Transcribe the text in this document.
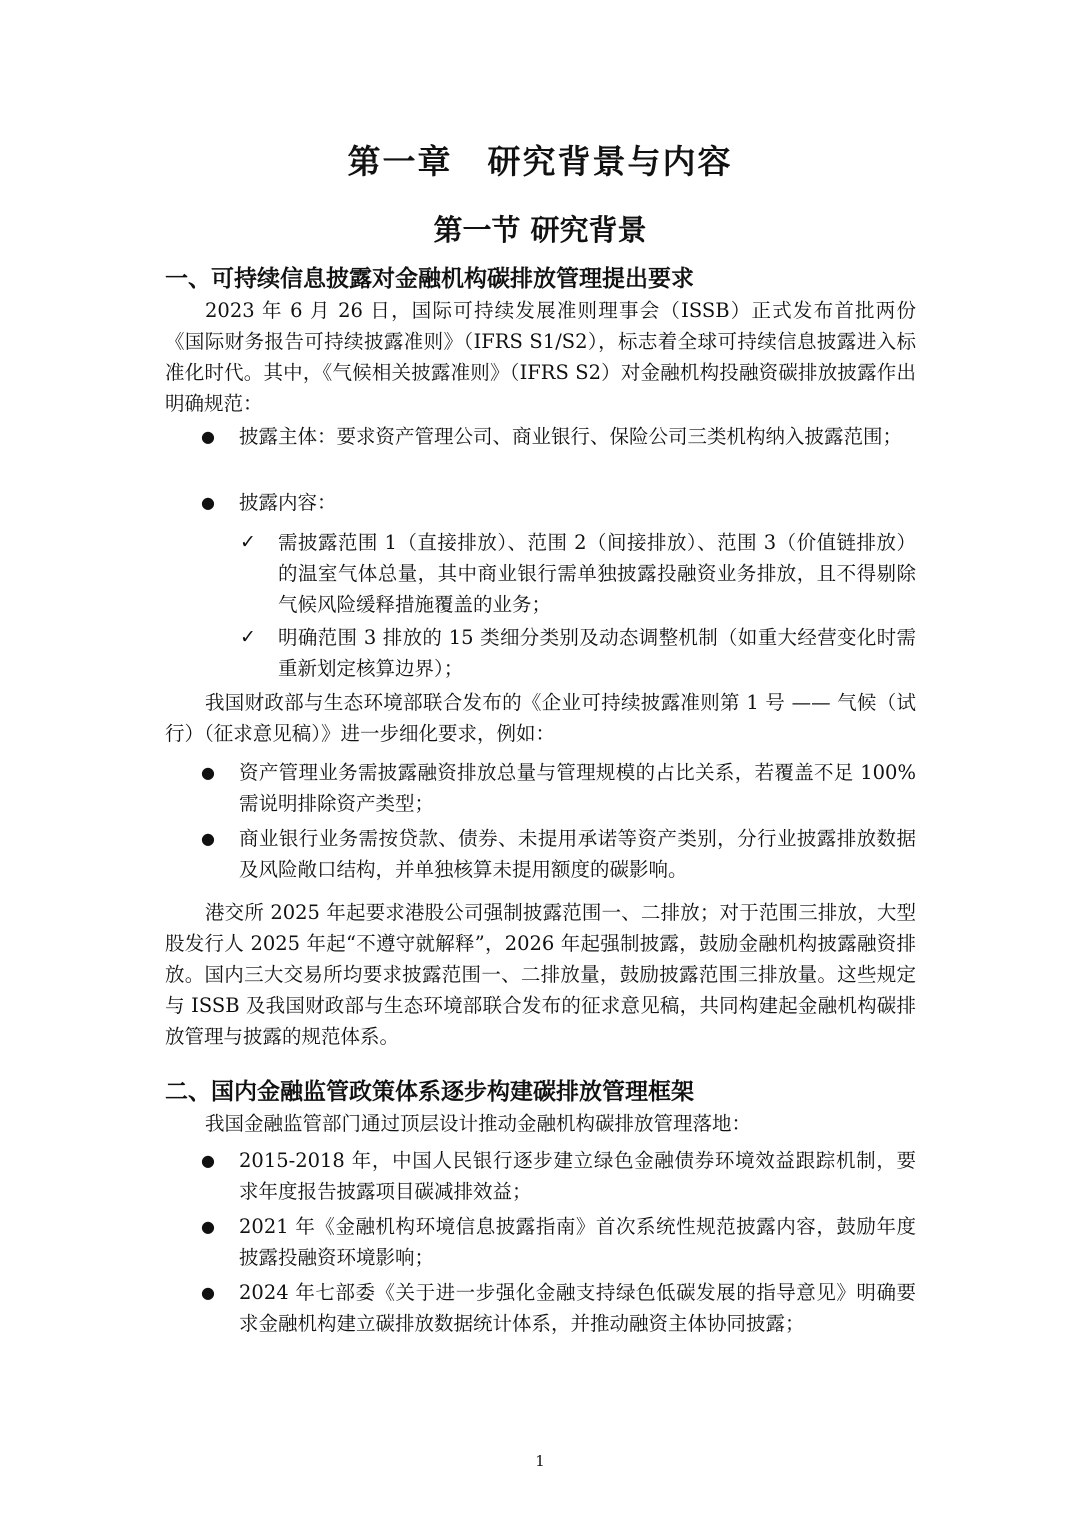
第一章　研究背景与内容
第一节 研究背景
一、可持续信息披露对金融机构碳排放管理提出要求

2023 年 6 月 26 日，国际可持续发展准则理事会（ISSB）正式发布首批两份《国际财务报告可持续披露准则》（IFRS S1/S2），标志着全球可持续信息披露进入标准化时代。其中，《气候相关披露准则》（IFRS S2）对金融机构投融资碳排放披露作出明确规范：

● 披露主体：要求资产管理公司、商业银行、保险公司三类机构纳入披露范围；
● 披露内容：
✓ 需披露范围 1（直接排放）、范围 2（间接排放）、范围 3（价值链排放）的温室气体总量，其中商业银行需单独披露投融资业务排放，且不得剔除气候风险缓释措施覆盖的业务；
✓ 明确范围 3 排放的 15 类细分类别及动态调整机制（如重大经营变化时需重新划定核算边界）；

我国财政部与生态环境部联合发布的《企业可持续披露准则第 1 号 —— 气候（试行）（征求意见稿）》进一步细化要求，例如：

● 资产管理业务需披露融资排放总量与管理规模的占比关系，若覆盖不足 100% 需说明排除资产类型；
● 商业银行业务需按贷款、债券、未提用承诺等资产类别，分行业披露排放数据及风险敞口结构，并单独核算未提用额度的碳影响。

港交所 2025 年起要求港股公司强制披露范围一、二排放；对于范围三排放，大型股发行人 2025 年起“不遵守就解释”，2026 年起强制披露，鼓励金融机构披露融资排放。国内三大交易所均要求披露范围一、二排放量，鼓励披露范围三排放量。这些规定与 ISSB 及我国财政部与生态环境部联合发布的征求意见稿，共同构建起金融机构碳排放管理与披露的规范体系。

二、国内金融监管政策体系逐步构建碳排放管理框架

我国金融监管部门通过顶层设计推动金融机构碳排放管理落地：

● 2015-2018 年，中国人民银行逐步建立绿色金融债券环境效益跟踪机制，要求年度报告披露项目碳减排效益；
● 2021 年《金融机构环境信息披露指南》首次系统性规范披露内容，鼓励年度披露投融资环境影响；
● 2024 年七部委《关于进一步强化金融支持绿色低碳发展的指导意见》明确要求金融机构建立碳排放数据统计体系，并推动融资主体协同披露；
1
